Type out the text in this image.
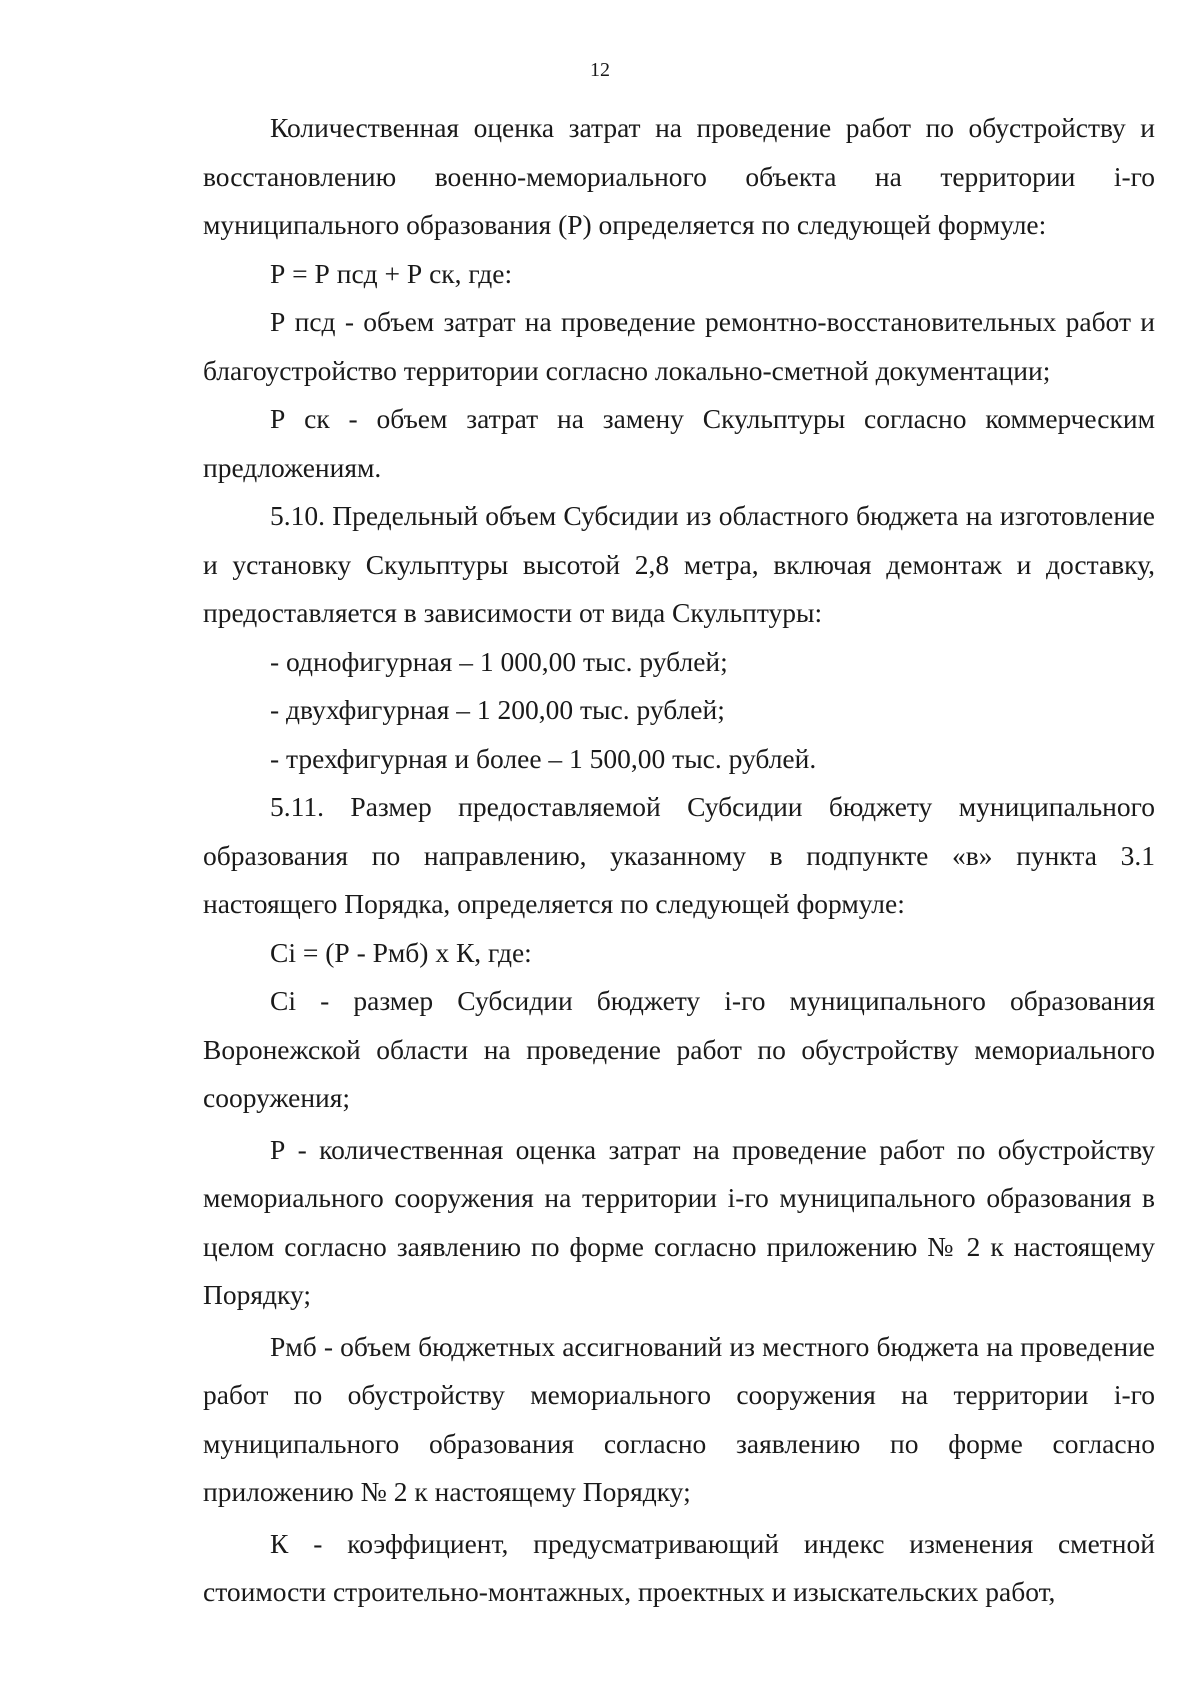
12

Количественная оценка затрат на проведение работ по обустройству и восстановлению военно-мемориального объекта на территории i-го муниципального образования (Р) определяется по следующей формуле:

Р = Р псд + Р ск, где:

Р псд - объем затрат на проведение ремонтно-восстановительных работ и благоустройство территории согласно локально-сметной документации;

Р ск - объем затрат на замену Скульптуры согласно коммерческим предложениям.

5.10. Предельный объем Субсидии из областного бюджета на изготовление и установку Скульптуры высотой 2,8 метра, включая демонтаж и доставку, предоставляется в зависимости от вида Скульптуры:

- однофигурная – 1 000,00 тыс. рублей;

- двухфигурная – 1 200,00 тыс. рублей;

- трехфигурная и более – 1 500,00 тыс. рублей.

5.11. Размер предоставляемой Субсидии бюджету муниципального образования по направлению, указанному в подпункте «в» пункта 3.1 настоящего Порядка, определяется по следующей формуле:

Ci = (Р - Рмб) х К, где:

Ci - размер Субсидии бюджету i-го муниципального образования Воронежской области на проведение работ по обустройству мемориального сооружения;

Р - количественная оценка затрат на проведение работ по обустройству мемориального сооружения на территории i-го муниципального образования в целом согласно заявлению по форме согласно приложению № 2 к настоящему Порядку;

Рмб - объем бюджетных ассигнований из местного бюджета на проведение работ по обустройству мемориального сооружения на территории i-го муниципального образования согласно заявлению по форме согласно приложению № 2 к настоящему Порядку;

К - коэффициент, предусматривающий индекс изменения сметной стоимости строительно-монтажных, проектных и изыскательских работ,
